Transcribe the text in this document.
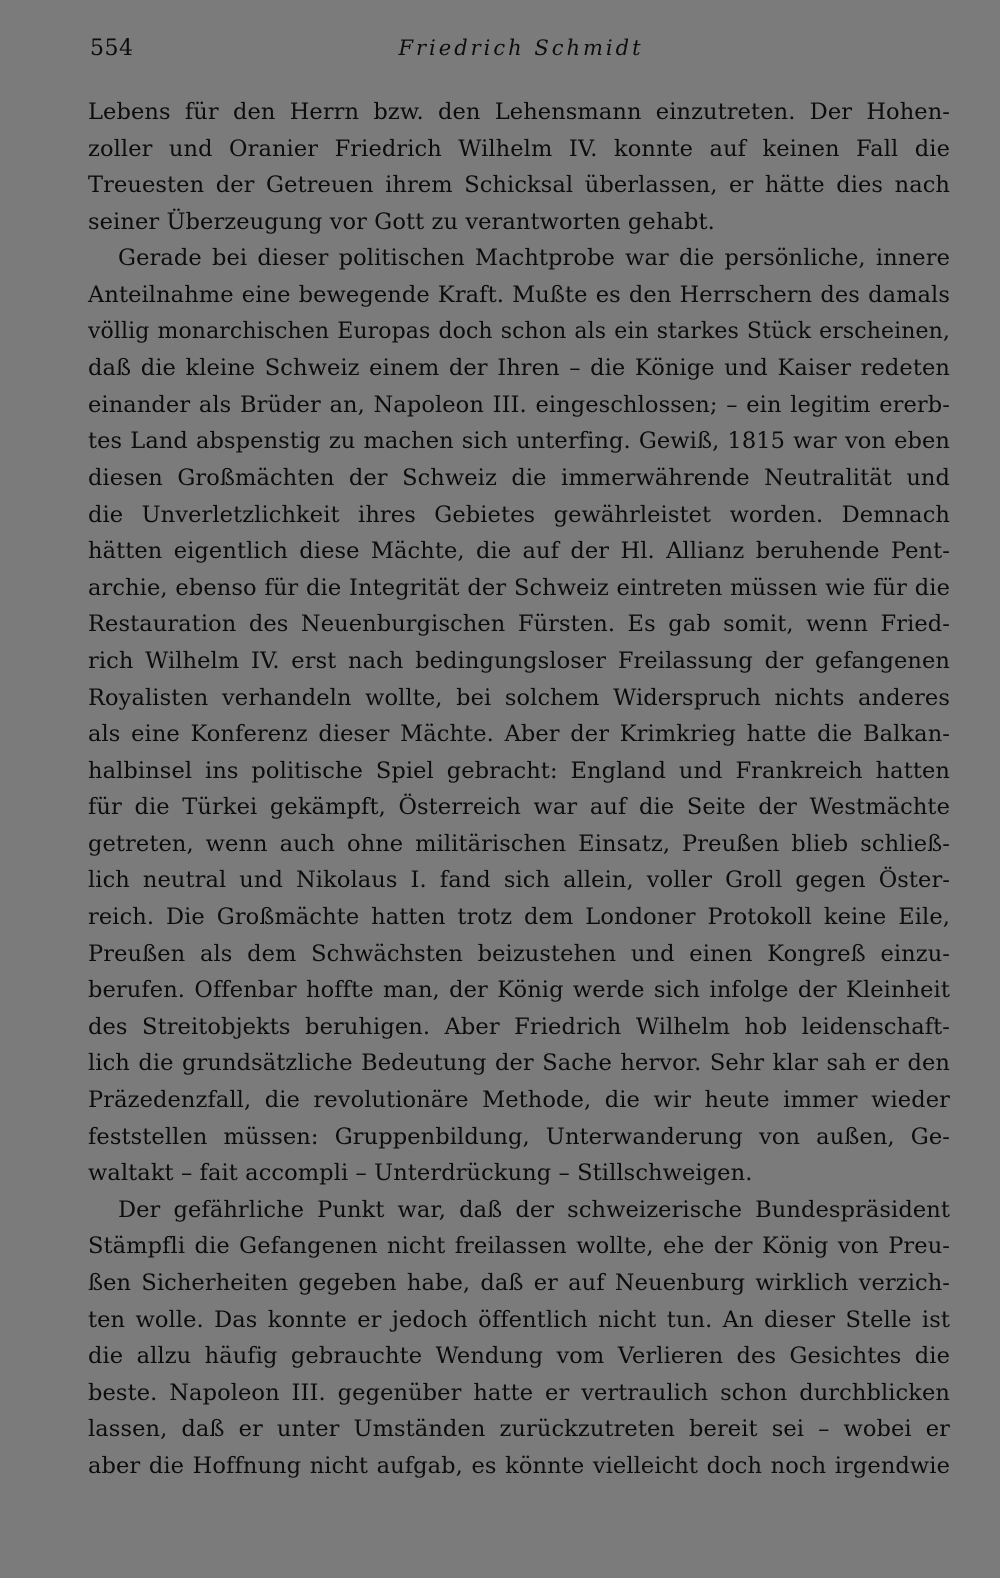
554	Friedrich Schmidt
Lebens für den Herrn bzw. den Lehensmann einzutreten. Der Hohen-
zoller und Oranier Friedrich Wilhelm IV. konnte auf keinen Fall die
Treuesten der Getreuen ihrem Schicksal überlassen, er hätte dies nach
seiner Überzeugung vor Gott zu verantworten gehabt.
Gerade bei dieser politischen Machtprobe war die persönliche, innere
Anteilnahme eine bewegende Kraft. Mußte es den Herrschern des damals
völlig monarchischen Europas doch schon als ein starkes Stück erscheinen,
daß die kleine Schweiz einem der Ihren – die Könige und Kaiser redeten
einander als Brüder an, Napoleon III. eingeschlossen; – ein legitim ererb-
tes Land abspenstig zu machen sich unterfing. Gewiß, 1815 war von eben
diesen Großmächten der Schweiz die immerwährende Neutralität und
die Unverletzlichkeit ihres Gebietes gewährleistet worden. Demnach
hätten eigentlich diese Mächte, die auf der Hl. Allianz beruhende Pent-
archie, ebenso für die Integrität der Schweiz eintreten müssen wie für die
Restauration des Neuenburgischen Fürsten. Es gab somit, wenn Fried-
rich Wilhelm IV. erst nach bedingungsloser Freilassung der gefangenen
Royalisten verhandeln wollte, bei solchem Widerspruch nichts anderes
als eine Konferenz dieser Mächte. Aber der Krimkrieg hatte die Balkan-
halbinsel ins politische Spiel gebracht: England und Frankreich hatten
für die Türkei gekämpft, Österreich war auf die Seite der Westmächte
getreten, wenn auch ohne militärischen Einsatz, Preußen blieb schließ-
lich neutral und Nikolaus I. fand sich allein, voller Groll gegen Öster-
reich. Die Großmächte hatten trotz dem Londoner Protokoll keine Eile,
Preußen als dem Schwächsten beizustehen und einen Kongreß einzu-
berufen. Offenbar hoffte man, der König werde sich infolge der Kleinheit
des Streitobjekts beruhigen. Aber Friedrich Wilhelm hob leidenschaft-
lich die grundsätzliche Bedeutung der Sache hervor. Sehr klar sah er den
Präzedenzfall, die revolutionäre Methode, die wir heute immer wieder
feststellen müssen: Gruppenbildung, Unterwanderung von außen, Ge-
waltakt – fait accompli – Unterdrückung – Stillschweigen.
Der gefährliche Punkt war, daß der schweizerische Bundespräsident
Stämpfli die Gefangenen nicht freilassen wollte, ehe der König von Preu-
ßen Sicherheiten gegeben habe, daß er auf Neuenburg wirklich verzich-
ten wolle. Das konnte er jedoch öffentlich nicht tun. An dieser Stelle ist
die allzu häufig gebrauchte Wendung vom Verlieren des Gesichtes die
beste. Napoleon III. gegenüber hatte er vertraulich schon durchblicken
lassen, daß er unter Umständen zurückzutreten bereit sei – wobei er
aber die Hoffnung nicht aufgab, es könnte vielleicht doch noch irgendwie
